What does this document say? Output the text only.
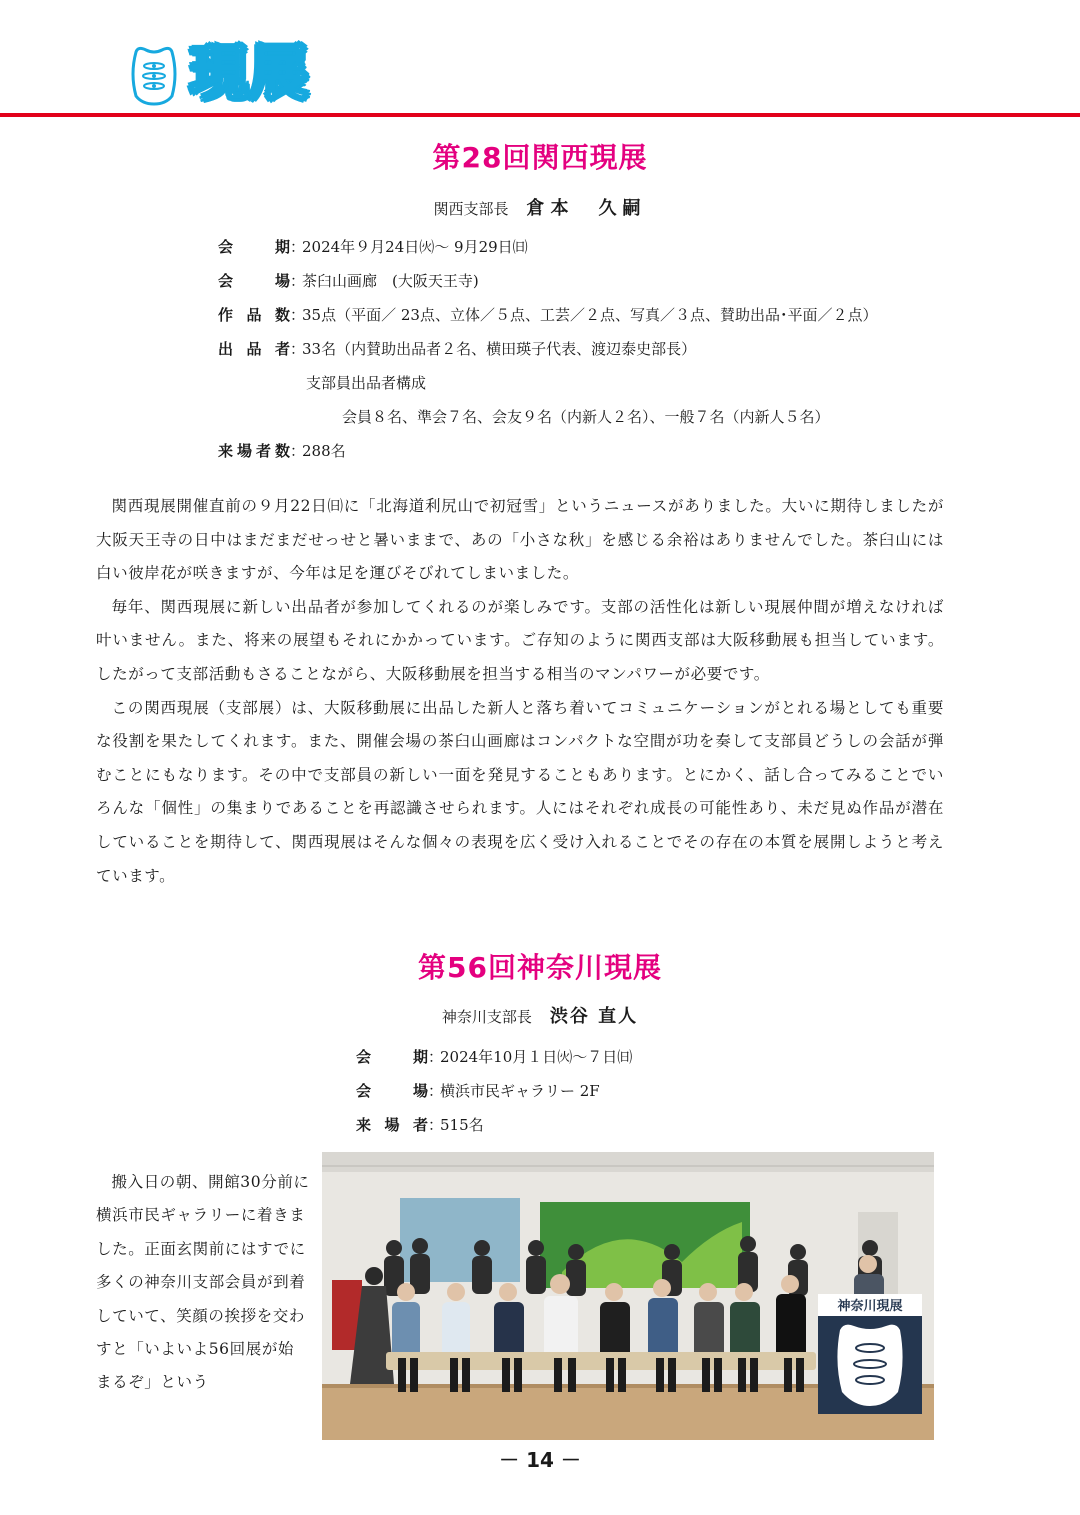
現展
第28回関西現展
関西支部長 倉本　久嗣
会　　期：2024年９月24日㈫～ 9月29日㈰
会　　場：茶臼山画廊　(大阪天王寺)
作 品 数：35点（平面／ 23点、立体／５点、工芸／２点、写真／３点、賛助出品･平面／２点）
出 品 者：33名（内賛助出品者２名、横田瑛子代表、渡辺泰史部長）
支部員出品者構成
会員８名、準会７名、会友９名（内新人２名）、一般７名（内新人５名）
来場者数：288名

関西現展開催直前の９月22日㈰に「北海道利尻山で初冠雪」というニュースがありました。大いに期待しましたが大阪天王寺の日中はまだまだせっせと暑いままで、あの「小さな秋」を感じる余裕はありませんでした。茶臼山には白い彼岸花が咲きますが、今年は足を運びそびれてしまいました。

毎年、関西現展に新しい出品者が参加してくれるのが楽しみです。支部の活性化は新しい現展仲間が増えなければ叶いません。また、将来の展望もそれにかかっています。ご存知のように関西支部は大阪移動展も担当しています。したがって支部活動もさることながら、大阪移動展を担当する相当のマンパワーが必要です。

この関西現展（支部展）は、大阪移動展に出品した新人と落ち着いてコミュニケーションがとれる場としても重要な役割を果たしてくれます。また、開催会場の茶臼山画廊はコンパクトな空間が功を奏して支部員どうしの会話が弾むことにもなります。その中で支部員の新しい一面を発見することもあります。とにかく、話し合ってみることでいろんな「個性」の集まりであることを再認識させられます。人にはそれぞれ成長の可能性あり、未だ見ぬ作品が潜在していることを期待して、関西現展はそんな個々の表現を広く受け入れることでその存在の本質を展開しようと考えています。

第56回神奈川現展
神奈川支部長 渋谷 直人
会　　期：2024年10月１日㈫～７日㈰
会　　場：横浜市民ギャラリー 2F
来 場 者：515名
搬入日の朝、開館30分前に横浜市民ギャラリーに着きました。正面玄関前にはすでに多くの神奈川支部会員が到着していて、笑顔の挨拶を交わすと「いよいよ56回展が始まるぞ」という
神奈川現展
－ 14 －
